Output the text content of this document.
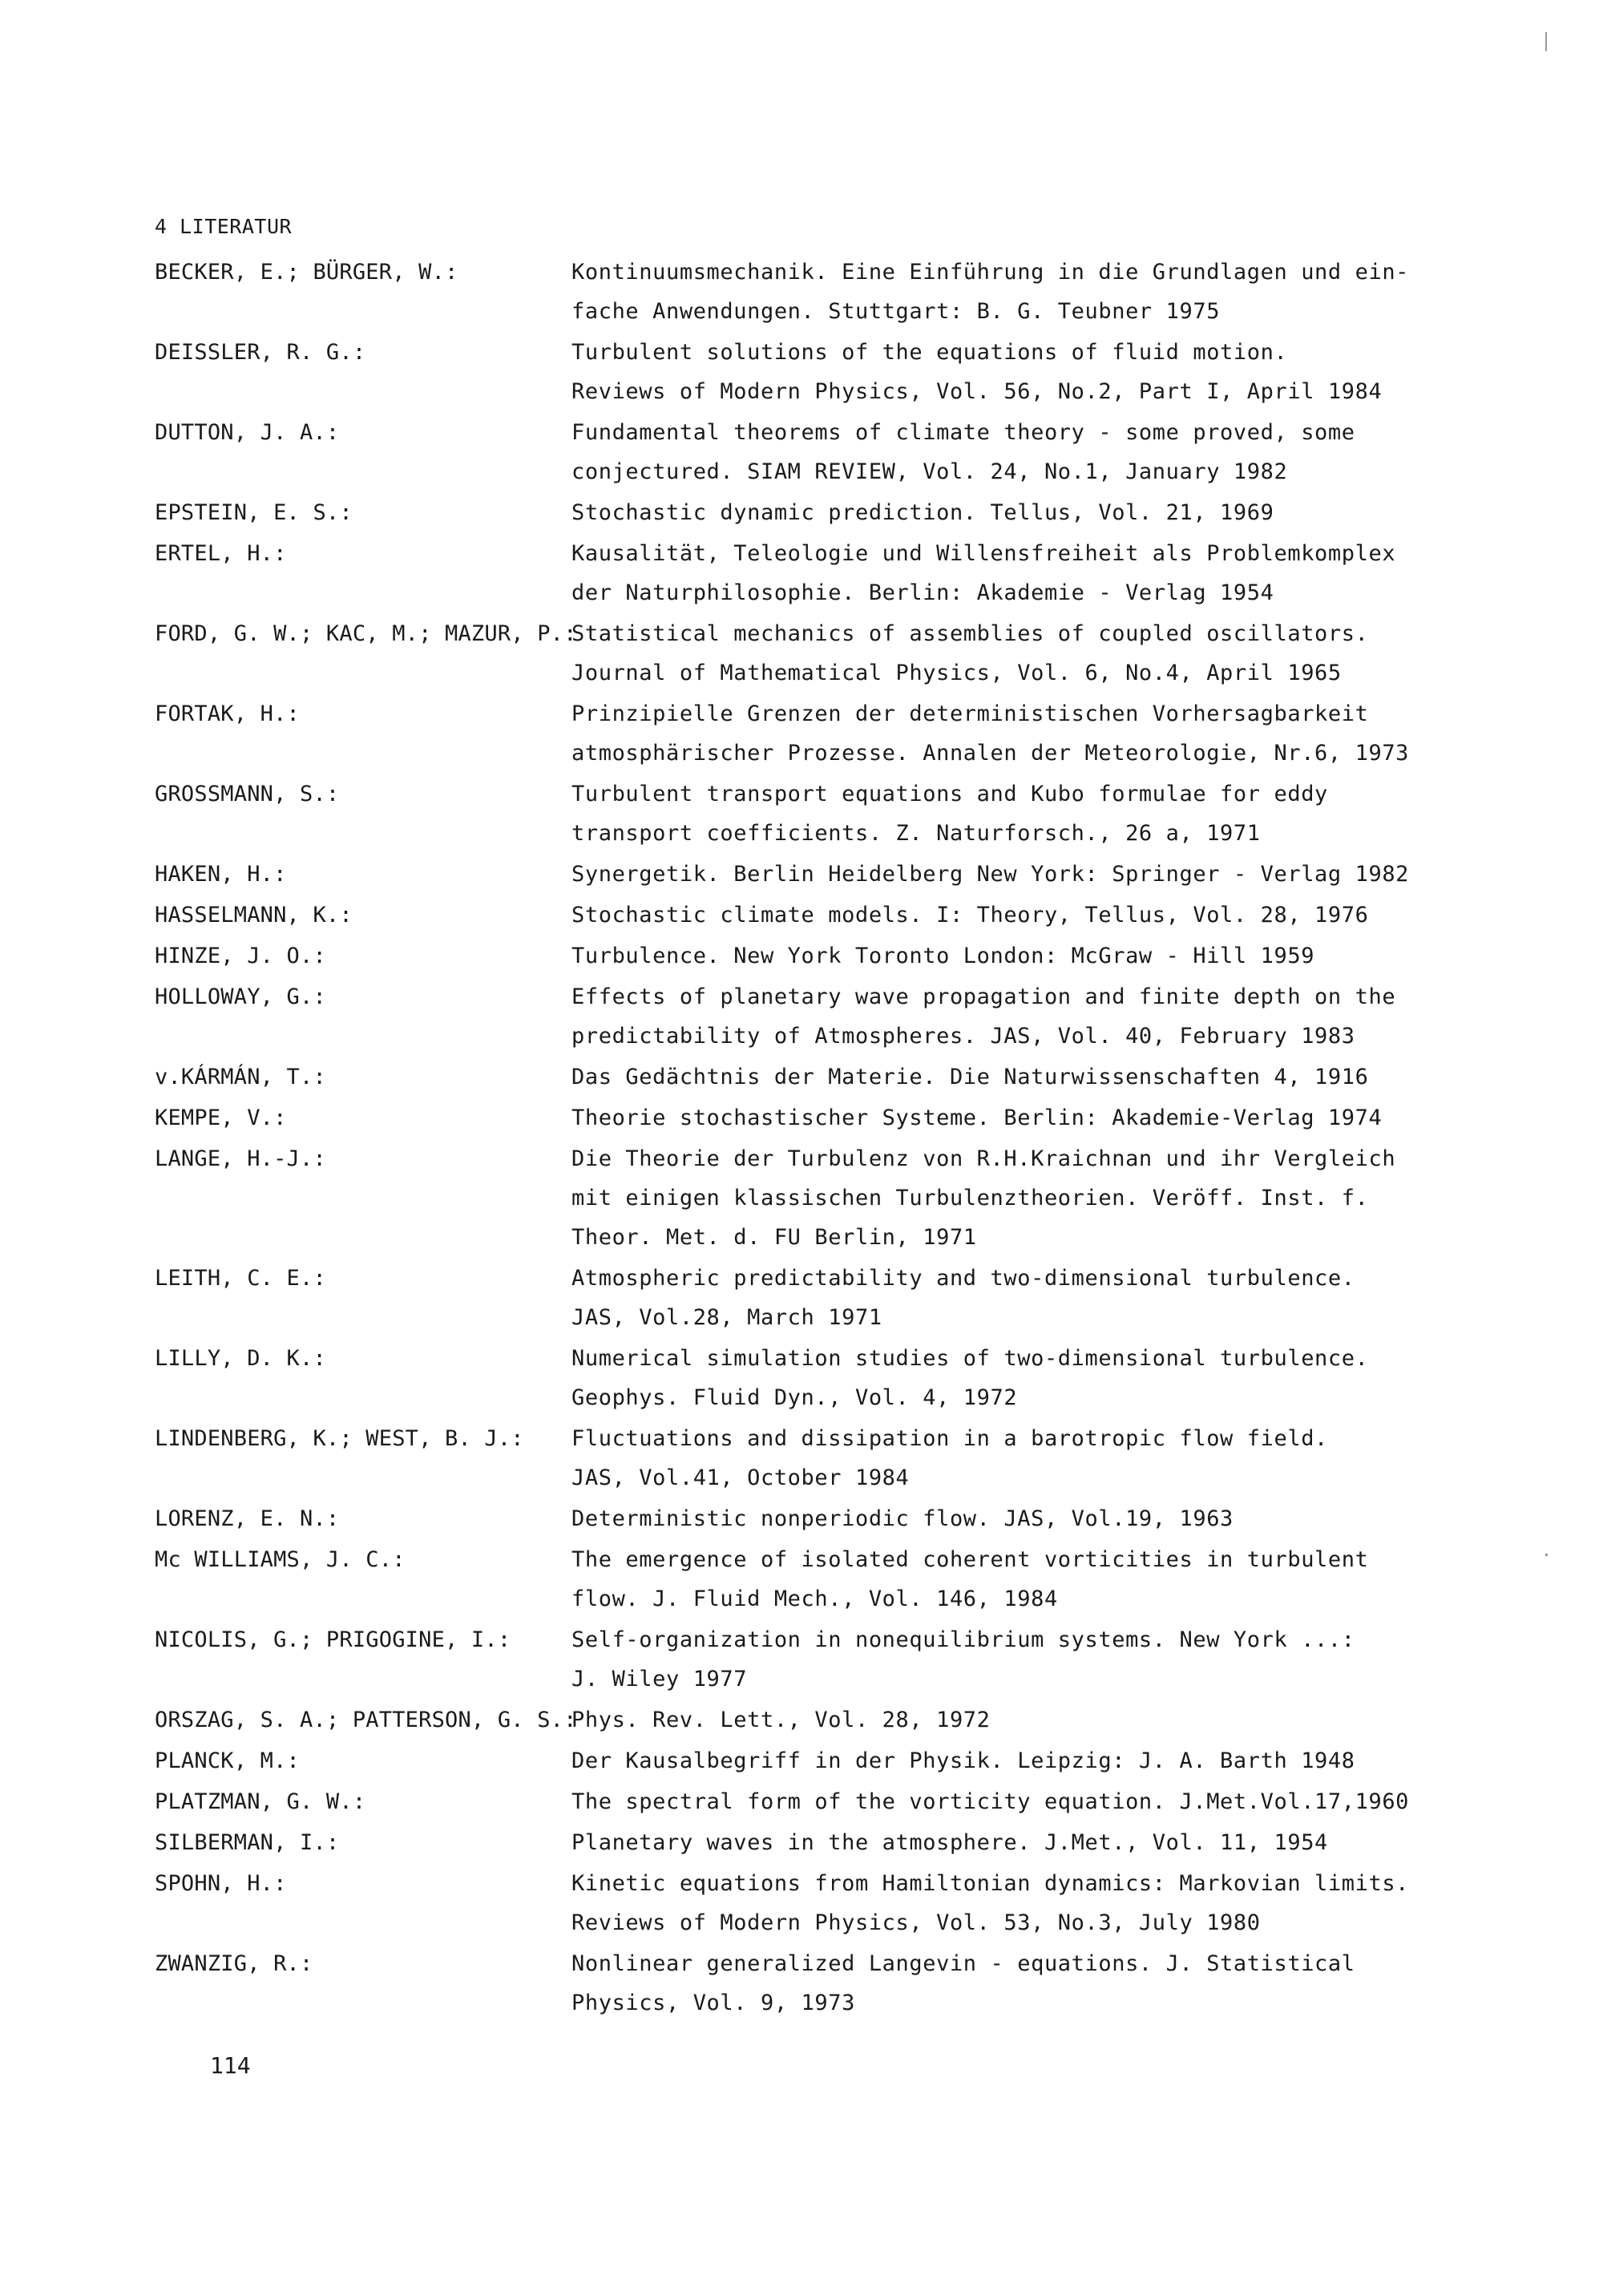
4 LITERATUR
BECKER, E.; BÜRGER, W.:	Kontinuumsmechanik. Eine Einführung in die Grundlagen und ein-
fache Anwendungen. Stuttgart: B. G. Teubner 1975
DEISSLER, R. G.:	Turbulent solutions of the equations of fluid motion.
Reviews of Modern Physics, Vol. 56, No.2, Part I, April 1984
DUTTON, J. A.:	Fundamental theorems of climate theory - some proved, some
conjectured. SIAM REVIEW, Vol. 24, No.1, January 1982
EPSTEIN, E. S.:	Stochastic dynamic prediction. Tellus, Vol. 21, 1969
ERTEL, H.:	Kausalität, Teleologie und Willensfreiheit als Problemkomplex
der Naturphilosophie. Berlin: Akademie - Verlag 1954
FORD, G. W.; KAC, M.; MAZUR, P.:
Statistical mechanics of assemblies of coupled oscillators.
Journal of Mathematical Physics, Vol. 6, No.4, April 1965
FORTAK, H.:	Prinzipielle Grenzen der deterministischen Vorhersagbarkeit
atmosphärischer Prozesse. Annalen der Meteorologie, Nr.6, 1973
GROSSMANN, S.:	Turbulent transport equations and Kubo formulae for eddy
transport coefficients. Z. Naturforsch., 26 a, 1971
HAKEN, H.:	Synergetik. Berlin Heidelberg New York: Springer - Verlag 1982
HASSELMANN, K.:	Stochastic climate models. I: Theory, Tellus, Vol. 28, 1976
HINZE, J. O.:	Turbulence. New York Toronto London: McGraw - Hill 1959
HOLLOWAY, G.:	Effects of planetary wave propagation and finite depth on the
predictability of Atmospheres. JAS, Vol. 40, February 1983
v.KÁRMÁN, T.:	Das Gedächtnis der Materie. Die Naturwissenschaften 4, 1916
KEMPE, V.:	Theorie stochastischer Systeme. Berlin: Akademie-Verlag 1974
LANGE, H.-J.:	Die Theorie der Turbulenz von R.H.Kraichnan und ihr Vergleich
mit einigen klassischen Turbulenztheorien. Veröff. Inst. f.
Theor. Met. d. FU Berlin, 1971
LEITH, C. E.:	Atmospheric predictability and two-dimensional turbulence.
JAS, Vol.28, March 1971
LILLY, D. K.:	Numerical simulation studies of two-dimensional turbulence.
Geophys. Fluid Dyn., Vol. 4, 1972
LINDENBERG, K.; WEST, B. J.:	Fluctuations and dissipation in a barotropic flow field.
JAS, Vol.41, October 1984
LORENZ, E. N.:	Deterministic nonperiodic flow. JAS, Vol.19, 1963
Mc WILLIAMS, J. C.:	The emergence of isolated coherent vorticities in turbulent
flow. J. Fluid Mech., Vol. 146, 1984
NICOLIS, G.; PRIGOGINE, I.:	Self-organization in nonequilibrium systems. New York ...:
J. Wiley 1977
ORSZAG, S. A.; PATTERSON, G. S.:
Phys. Rev. Lett., Vol. 28, 1972
PLANCK, M.:	Der Kausalbegriff in der Physik. Leipzig: J. A. Barth 1948
PLATZMAN, G. W.:	The spectral form of the vorticity equation. J.Met.Vol.17,1960
SILBERMAN, I.:	Planetary waves in the atmosphere. J.Met., Vol. 11, 1954
SPOHN, H.:	Kinetic equations from Hamiltonian dynamics: Markovian limits.
Reviews of Modern Physics, Vol. 53, No.3, July 1980
ZWANZIG, R.:	Nonlinear generalized Langevin - equations. J. Statistical
Physics, Vol. 9, 1973
114
